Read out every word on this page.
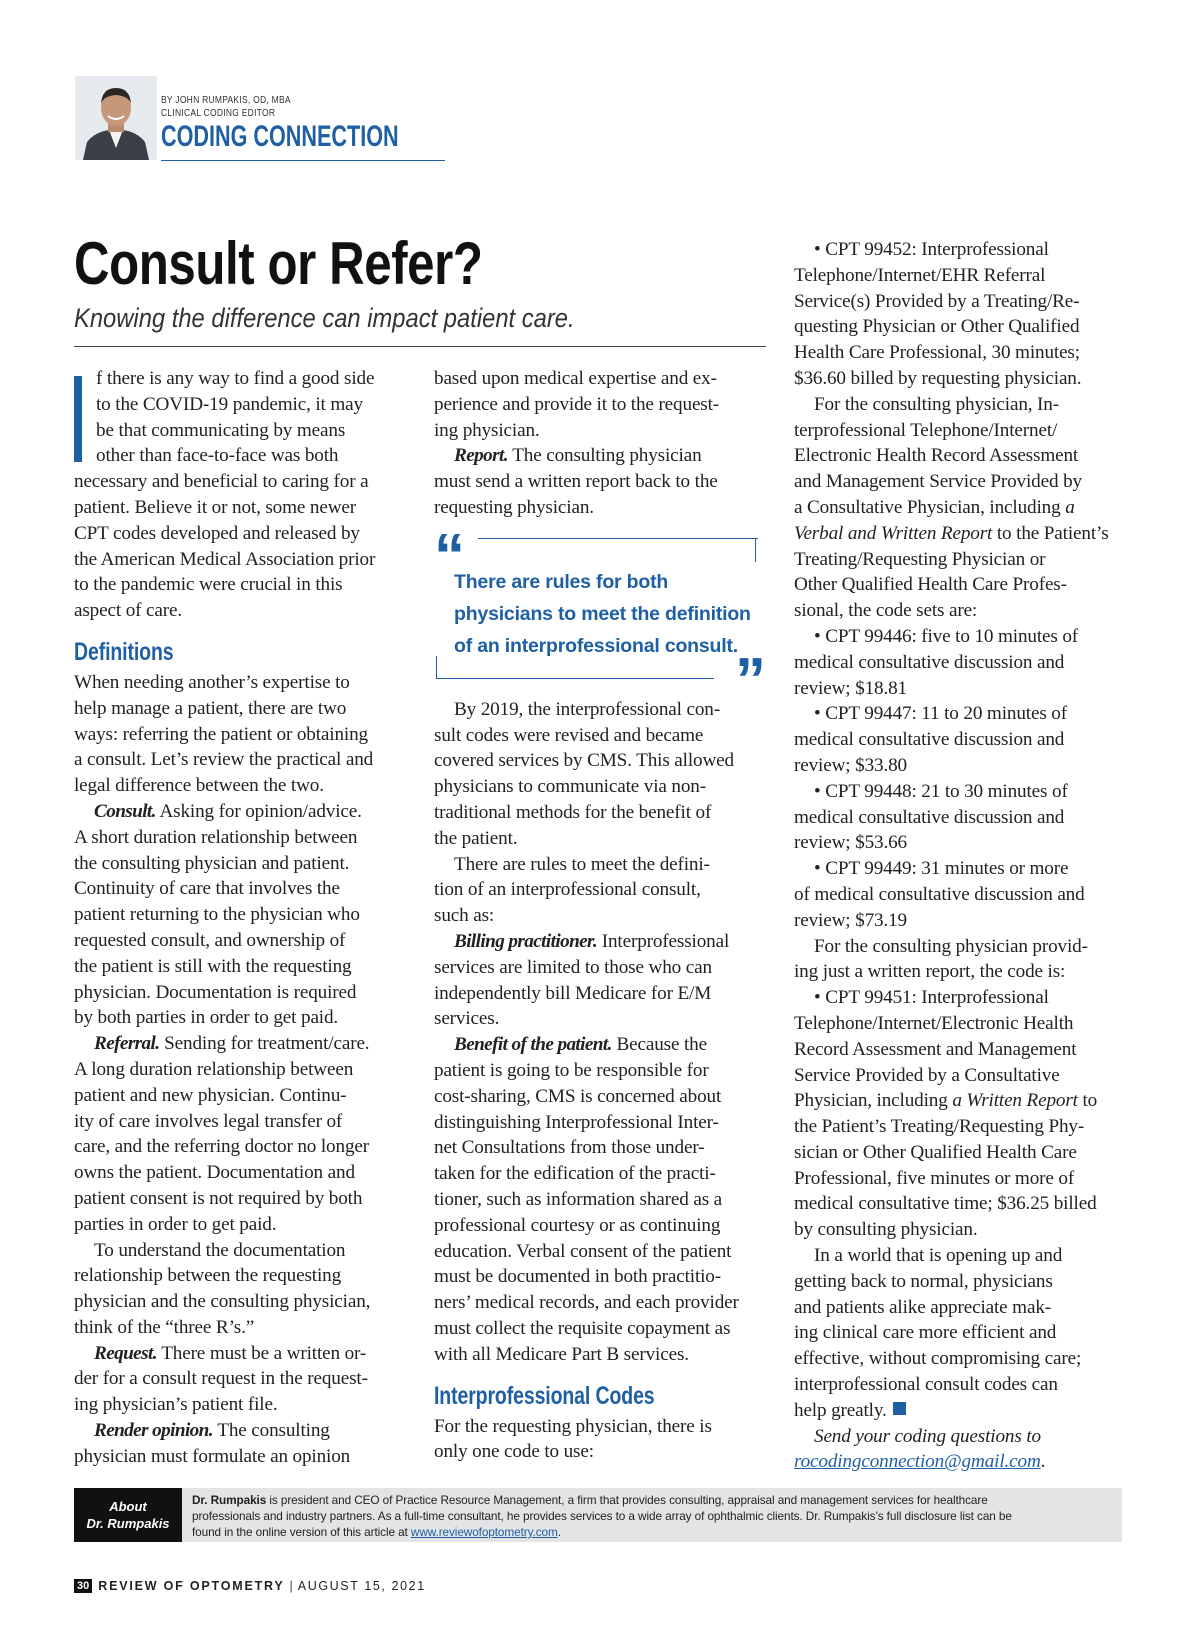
BY JOHN RUMPAKIS, OD, MBA
CLINICAL CODING EDITOR
CODING CONNECTION
Consult or Refer?
Knowing the difference can impact patient care.

f there is any way to find a good side

to the COVID-19 pandemic, it may

be that communicating by means

other than face-to-face was both

necessary and beneficial to caring for a

patient. Believe it or not, some newer

CPT codes developed and released by

the American Medical Association prior

to the pandemic were crucial in this

aspect of care.

Definitions

When needing another’s expertise to

help manage a patient, there are two

ways: referring the patient or obtaining

a consult. Let’s review the practical and

legal difference between the two.

Consult. Asking for opinion/advice.

A short duration relationship between

the consulting physician and patient.

Continuity of care that involves the

patient returning to the physician who

requested consult, and ownership of

the patient is still with the requesting

physician. Documentation is required

by both parties in order to get paid.

Referral. Sending for treatment/care.

A long duration relationship between

patient and new physician. Continu-

ity of care involves legal transfer of

care, and the referring doctor no longer

owns the patient. Documentation and

patient consent is not required by both

parties in order to get paid.

To understand the documentation

relationship between the requesting

physician and the consulting physician,

think of the “three R’s.”

Request. There must be a written or-

der for a consult request in the request-

ing physician’s patient file.

Render opinion. The consulting

physician must formulate an opinion

based upon medical expertise and ex-

perience and provide it to the request-

ing physician.

Report. The consulting physician

must send a written report back to the

requesting physician.

By 2019, the interprofessional con-

sult codes were revised and became

covered services by CMS. This allowed

physicians to communicate via non-

traditional methods for the benefit of

the patient.

There are rules to meet the defini-

tion of an interprofessional consult,

such as:

Billing practitioner. Interprofessional

services are limited to those who can

independently bill Medicare for E/M

services.

Benefit of the patient. Because the

patient is going to be responsible for

cost-sharing, CMS is concerned about

distinguishing Interprofessional Inter-

net Consultations from those under-

taken for the edification of the practi-

tioner, such as information shared as a

professional courtesy or as continuing

education. Verbal consent of the patient

must be documented in both practitio-

ners’ medical records, and each provider

must collect the requisite copayment as

with all Medicare Part B services.

Interprofessional Codes

For the requesting physician, there is

only one code to use:

“
There are rules for both
physicians to meet the definition
of an interprofessional consult.
”

• CPT 99452: Interprofessional

Telephone/Internet/EHR Referral

Service(s) Provided by a Treating/Re-

questing Physician or Other Qualified

Health Care Professional, 30 minutes;

$36.60 billed by requesting physician.

For the consulting physician, In-

terprofessional Telephone/Internet/

Electronic Health Record Assessment

and Management Service Provided by

a Consultative Physician, including a

Verbal and Written Report to the Patient’s

Treating/Requesting Physician or

Other Qualified Health Care Profes-

sional, the code sets are:

• CPT 99446: five to 10 minutes of

medical consultative discussion and

review; $18.81

• CPT 99447: 11 to 20 minutes of

medical consultative discussion and

review; $33.80

• CPT 99448: 21 to 30 minutes of

medical consultative discussion and

review; $53.66

• CPT 99449: 31 minutes or more

of medical consultative discussion and

review; $73.19

For the consulting physician provid-

ing just a written report, the code is:

• CPT 99451: Interprofessional

Telephone/Internet/Electronic Health

Record Assessment and Management

Service Provided by a Consultative

Physician, including a Written Report to

the Patient’s Treating/Requesting Phy-

sician or Other Qualified Health Care

Professional, five minutes or more of

medical consultative time; $36.25 billed

by consulting physician.

In a world that is opening up and

getting back to normal, physicians

and patients alike appreciate mak-

ing clinical care more efficient and

effective, without compromising care;

interprofessional consult codes can

help greatly.

Send your coding questions to

rocodingconnection@gmail.com.

About
Dr. Rumpakis
Dr. Rumpakis is president and CEO of Practice Resource Management, a firm that provides consulting, appraisal and management services for healthcare
professionals and industry partners. As a full-time consultant, he provides services to a wide array of ophthalmic clients. Dr. Rumpakis’s full disclosure list can be
found in the online version of this article at www.reviewofoptometry.com.
30 REVIEW OF OPTOMETRY | AUGUST 15, 2021
